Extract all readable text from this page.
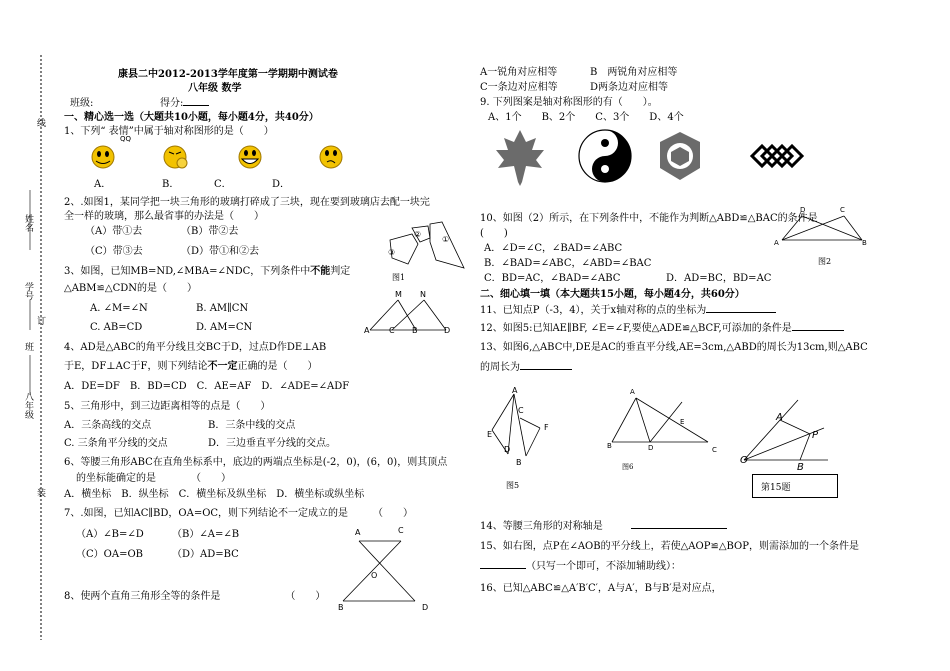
线
姓名
学号
班
订
八年级
装
康县二中2012-2013学年度第一学期期中测试卷
八年级 数学
班级:	得分:
一、精心选一选（大题共10小题，每小题4分，共40分）
1、下列“ 表情”中属于轴对称图形的是（　　）
QQ
A．	B．	C．	D．
2、.如图1，某同学把一块三角形的玻璃打碎成了三块，现在要到玻璃店去配一块完
全一样的玻璃，那么最省事的办法是（　　）
（A）带①去	（B）带②去
（C）带③去	（D）带①和②去	③
②
①
图1
3、如图，已知MB=ND,∠MBA=∠NDC，下列条件中不能判定
△ABM≌△CDN的是（　　）
A. ∠M=∠N	B. AM∥CN
C. AB=CD	D. AM=CN
M N
A C B	D
4、AD是△ABC的角平分线且交BC于D，过点D作DE⊥AB
于E，DF⊥AC于F，则下列结论不一定正确的是（　　）
A．DE=DF　B．BD=CD　C．AE=AF　D．∠ADE=∠ADF
5、三角形中，到三边距离相等的点是（　　）
A．三条高线的交点	B．三条中线的交点
C. 三条角平分线的交点	D．三边垂直平分线的交点。
6、等腰三角形ABC在直角坐标系中，底边的两端点坐标是(-2，0)，(6，0)，则其顶点
的坐标能确定的是　　　　（　　）
A．横坐标　B．纵坐标　C．横坐标及纵坐标　D．横坐标或纵坐标
7、.如图，已知AC∥BD，OA=OC，则下列结论不一定成立的是　　　（　　）
（A）∠B=∠D	（B）∠A=∠B
（C）OA=OB	（D）AD=BC
A	C
O
B	D
8、使两个直角三角形全等的条件是　　　　　　　（　　）
A一锐角对应相等	B　两锐角对应相等
C一条边对应相等	D两条边对应相等
9. 下列图案是轴对称图形的有（　　）。
A、1个　　B、2个　　C、3个　　D、4个
10、如图（2）所示，在下列条件中，不能作为判断△ABD≌△BAC的条件是
(　　)
A．∠D=∠C，∠BAD=∠ABC
B．∠BAD=∠ABC，∠ABD=∠BAC
C．BD=AC，∠BAD=∠ABC	D．AD=BC，BD=AC
D	C
A	B
图2
二、细心填一填（本大题共15小题，每小题4分，共60分）
11、已知点P（-3，4），关于x轴对称的点的坐标为
12、如图5:已知AE∥BF, ∠E=∠F,要使△ADE≌△BCF,可添加的条件是
13、如图6,△ABC中,DE是AC的垂直平分线,AE=3cm,△ABD的周长为13cm,则△ABC
的周长为
A
C
E
F
D
B
图5
A
E
B	D	C
图6
A
P
O
B
第15题
14、等腰三角形的对称轴是
15、如右图，点P在∠AOB的平分线上，若使△AOP≌△BOP，则需添加的一个条件是
（只写一个即可，不添加辅助线）：
16、已知△ABC≌△A′B′C′，A与A′，B与B′是对应点，
